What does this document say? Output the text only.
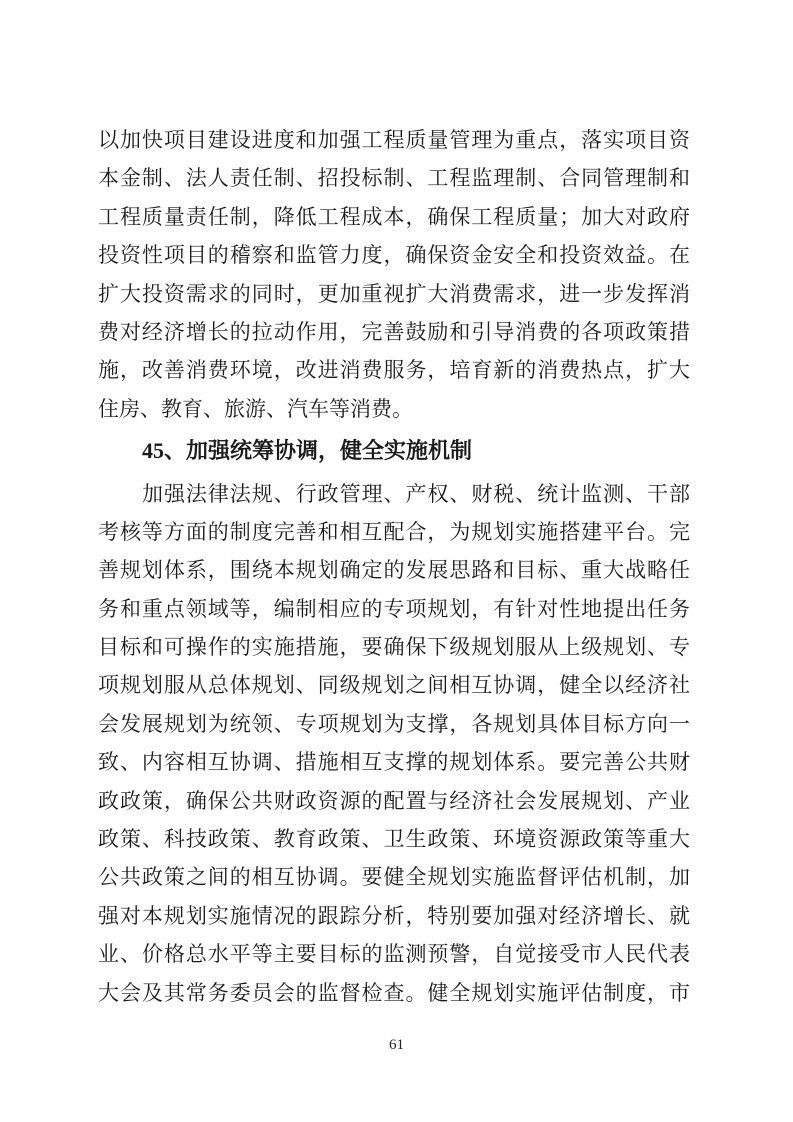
以加快项目建设进度和加强工程质量管理为重点，落实项目资
本金制、法人责任制、招投标制、工程监理制、合同管理制和
工程质量责任制，降低工程成本，确保工程质量；加大对政府
投资性项目的稽察和监管力度，确保资金安全和投资效益。在
扩大投资需求的同时，更加重视扩大消费需求，进一步发挥消
费对经济增长的拉动作用，完善鼓励和引导消费的各项政策措
施，改善消费环境，改进消费服务，培育新的消费热点，扩大
住房、教育、旅游、汽车等消费。
45、加强统筹协调，健全实施机制
加强法律法规、行政管理、产权、财税、统计监测、干部
考核等方面的制度完善和相互配合，为规划实施搭建平台。完
善规划体系，围绕本规划确定的发展思路和目标、重大战略任
务和重点领域等，编制相应的专项规划，有针对性地提出任务
目标和可操作的实施措施，要确保下级规划服从上级规划、专
项规划服从总体规划、同级规划之间相互协调，健全以经济社
会发展规划为统领、专项规划为支撑，各规划具体目标方向一
致、内容相互协调、措施相互支撑的规划体系。要完善公共财
政政策，确保公共财政资源的配置与经济社会发展规划、产业
政策、科技政策、教育政策、卫生政策、环境资源政策等重大
公共政策之间的相互协调。要健全规划实施监督评估机制，加
强对本规划实施情况的跟踪分析，特别要加强对经济增长、就
业、价格总水平等主要目标的监测预警，自觉接受市人民代表
大会及其常务委员会的监督检查。健全规划实施评估制度，市
61
